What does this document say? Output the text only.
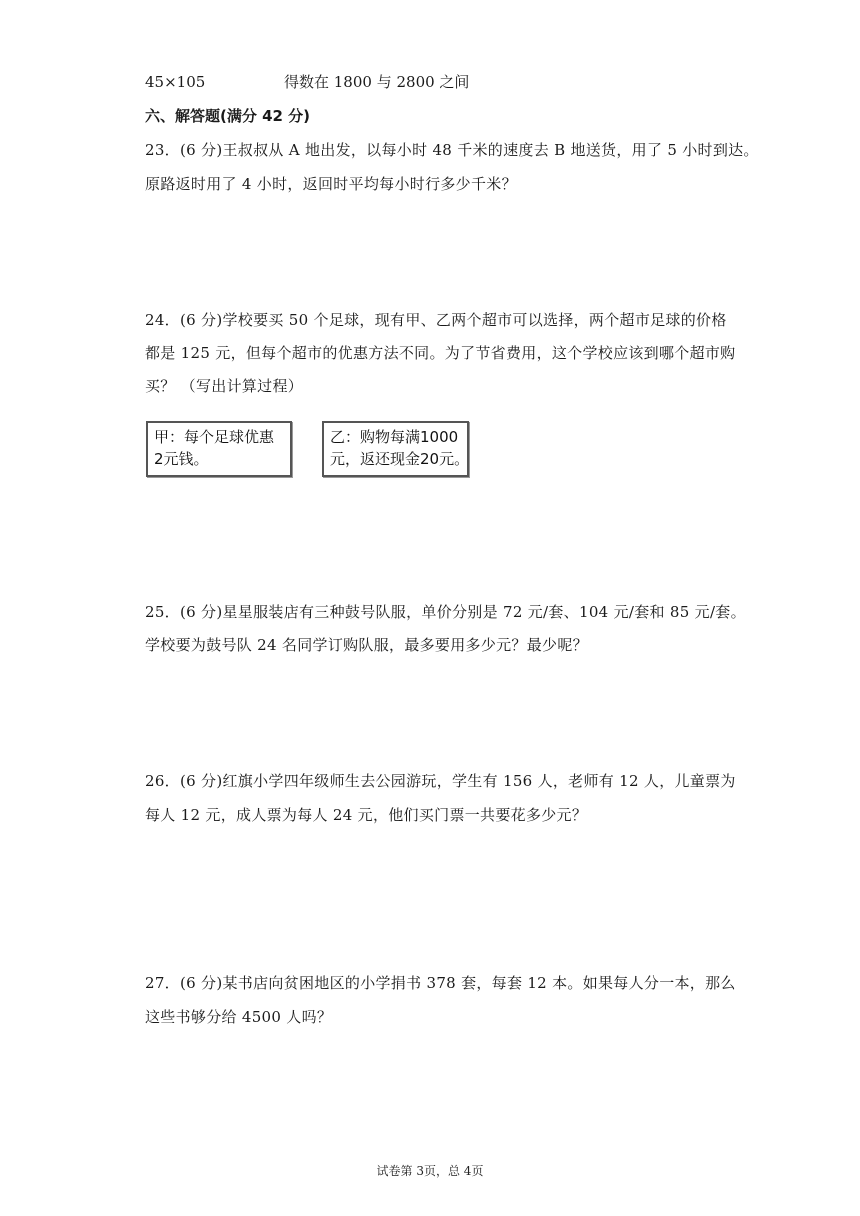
45×105	得数在 1800 与 2800 之间
六、解答题(满分 42 分)
23．(6 分)王叔叔从 A 地出发，以每小时 48 千米的速度去 B 地送货，用了 5 小时到达。
原路返时用了 4 小时，返回时平均每小时行多少千米？
24．(6 分)学校要买 50 个足球，现有甲、乙两个超市可以选择，两个超市足球的价格
都是 125 元，但每个超市的优惠方法不同。为了节省费用，这个学校应该到哪个超市购
买？ （写出计算过程）
甲：每个足球优惠
2元钱。
乙：购物每满1000
元，返还现金20元。
25．(6 分)星星服装店有三种鼓号队服，单价分别是 72 元/套、104 元/套和 85 元/套。
学校要为鼓号队 24 名同学订购队服，最多要用多少元？最少呢？
26．(6 分)红旗小学四年级师生去公园游玩，学生有 156 人，老师有 12 人，儿童票为
每人 12 元，成人票为每人 24 元，他们买门票一共要花多少元？
27．(6 分)某书店向贫困地区的小学捐书 378 套，每套 12 本。如果每人分一本，那么
这些书够分给 4500 人吗？
试卷第 3页，总 4页
